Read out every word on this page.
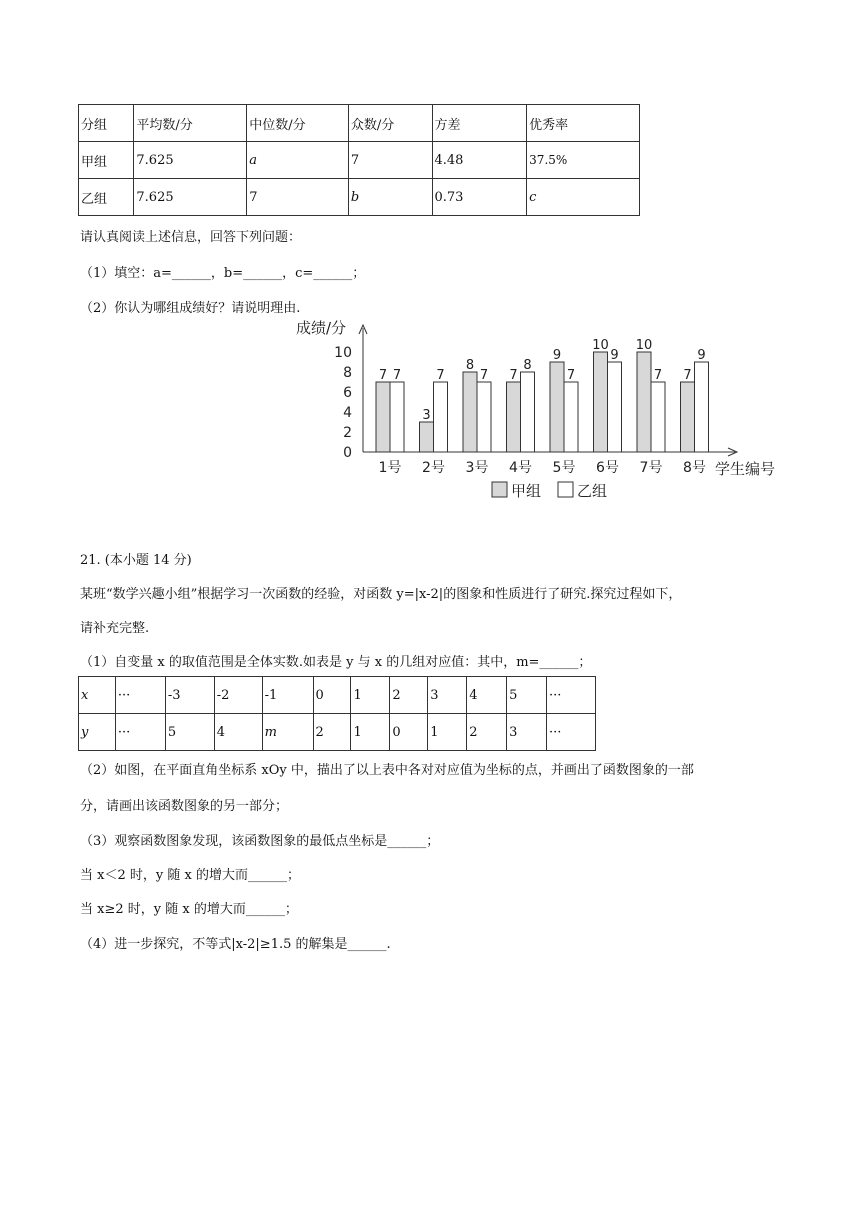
分组	平均数/分	中位数/分	众数/分	方差	优秀率
甲组	7.625	a	7	4.48	37.5%
乙组	7.625	7	b	0.73	c
请认真阅读上述信息，回答下列问题：
（1）填空：a=______，b=______，c=______；
（2）你认为哪组成绩好？请说明理由.
成绩/分
学生编号
0
2
4
6
8
10
7 7
1号
3
7
2号
8
7
3号
7
8
4号
9
7
5号
10
9
6号
10
7
7号
7
9
8号
甲组 乙组
21. (本小题 14 分)
某班“数学兴趣小组”根据学习一次函数的经验，对函数 y=|x-2|的图象和性质进行了研究.探究过程如下，
请补充完整.
（1）自变量 x 的取值范围是全体实数.如表是 y 与 x 的几组对应值：其中，m=______；
x	···	-3	-2	-1	0	1	2	3	4	5	···
y	···	5	4	m	2	1	0	1	2	3	···
（2）如图，在平面直角坐标系 xOy 中，描出了以上表中各对对应值为坐标的点，并画出了函数图象的一部
分，请画出该函数图象的另一部分；
（3）观察函数图象发现，该函数图象的最低点坐标是______；
当 x＜2 时，y 随 x 的增大而______；
当 x≥2 时，y 随 x 的增大而______；
（4）进一步探究，不等式|x-2|≥1.5 的解集是______.
